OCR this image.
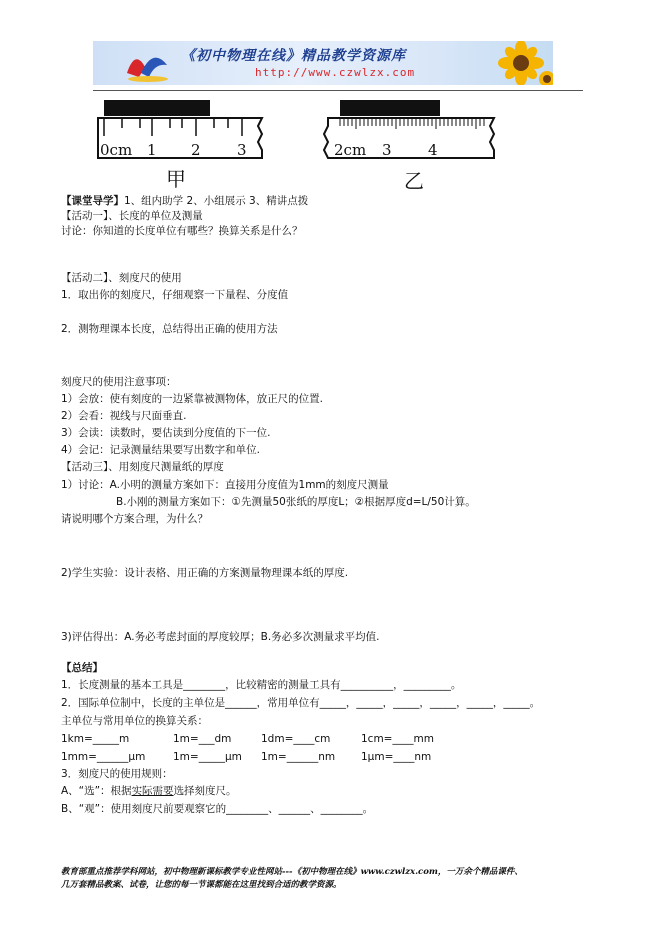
《初中物理在线》精品教学资源库
http://www.czwlzx.com
0cm 1 2 3
甲
2cm 3 4
乙
【课堂导学】1、组内助学 2、小组展示 3、精讲点拨
【活动一】、长度的单位及测量
讨论：你知道的长度单位有哪些？换算关系是什么？
【活动二】、刻度尺的使用
1．取出你的刻度尺，仔细观察一下量程、分度值
2．测物理课本长度，总结得出正确的使用方法
刻度尺的使用注意事项：
1）会放：使有刻度的一边紧靠被测物体，放正尺的位置.
2）会看：视线与尺面垂直.
3）会读：读数时，要估读到分度值的下一位.
4）会记：记录测量结果要写出数字和单位.
【活动三】、用刻度尺测量纸的厚度
1）讨论：A.小明的测量方案如下：直接用分度值为1mm的刻度尺测量
B.小刚的测量方案如下：①先测量50张纸的厚度L；②根据厚度d=L/50计算。
请说明哪个方案合理，为什么？
2)学生实验：设计表格、用正确的方案测量物理课本纸的厚度.
3)评估得出：A.务必考虑封面的厚度较厚；B.务必多次测量求平均值.
【总结】
1．长度测量的基本工具是________，比较精密的测量工具有__________，_________。
2．国际单位制中，长度的主单位是______，常用单位有_____，_____，_____，_____，_____，_____。
主单位与常用单位的换算关系：
1km=_____m	1m=___dm	1dm=____cm	1cm=____mm
1mm=______μm	1m=_____μm 1m=______nm 1μm=____nm
3．刻度尺的使用规则：
A、“选”：根据实际需要选择刻度尺。
B、“观”：使用刻度尺前要观察它的________、______、________。
教育部重点推荐学科网站，初中物理新课标教学专业性网站---《初中物理在线》www.czwlzx.com，一万余个精品课件、
几万套精品教案、试卷，让您的每一节课都能在这里找到合适的教学资源。
